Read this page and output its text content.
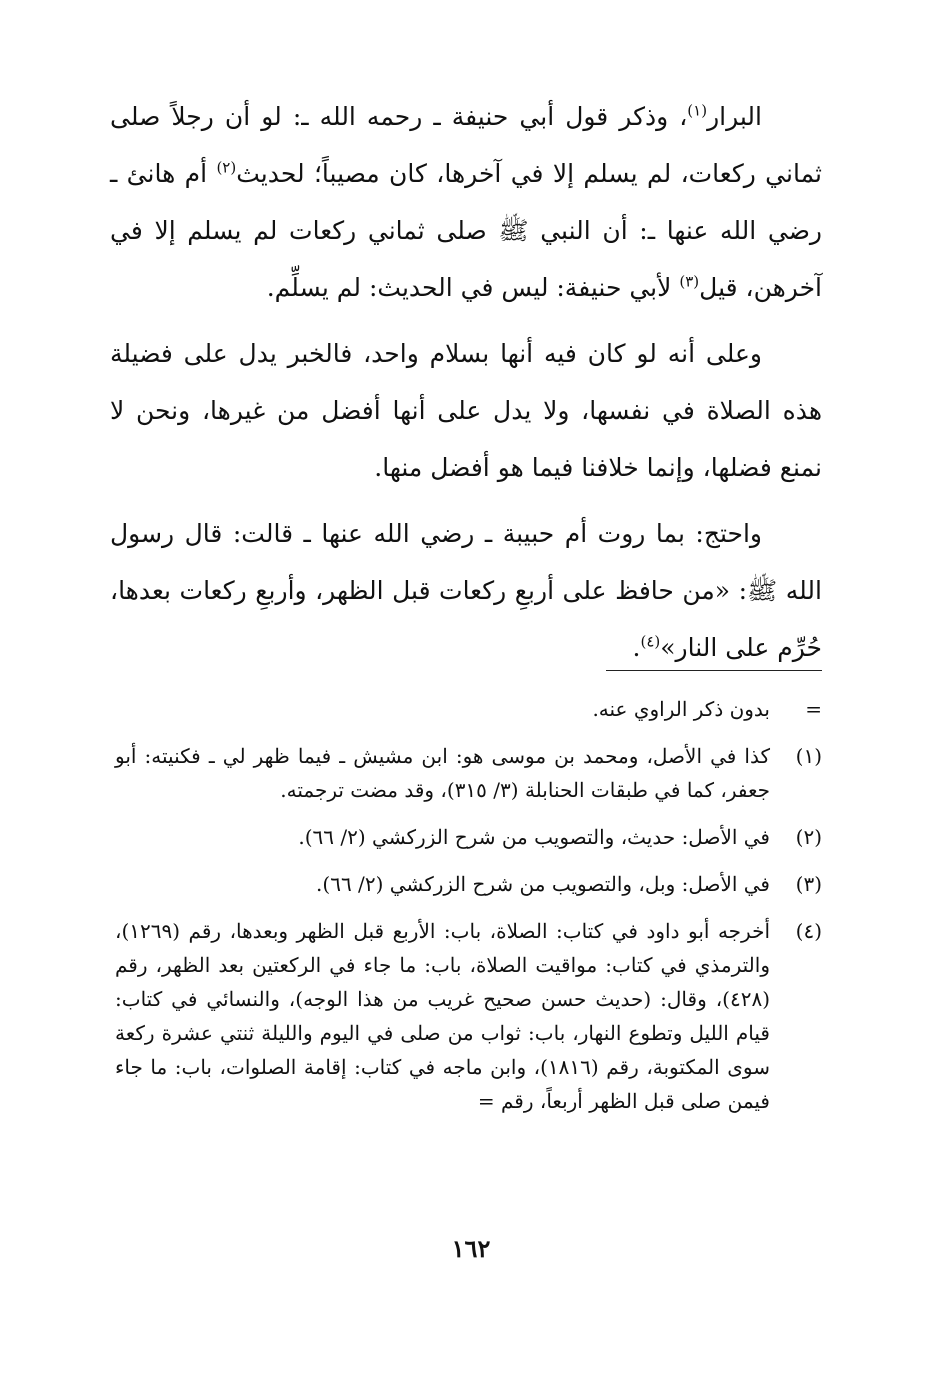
البرار$^{(١)}$، وذكر قول أبي حنيفة ـ رحمه الله ـ: لو أن رجلاً صلى ثماني ركعات، لم يسلم إلا في آخرها، كان مصيباً؛ لحديث$^{(٢)}$ أم هانئ ـ رضي الله عنها ـ: أن النبي ﷺ صلى ثماني ركعات لم يسلم إلا في آخرهن، قيل$^{(٣)}$ لأبي حنيفة: ليس في الحديث: لم يسلِّم.

وعلى أنه لو كان فيه أنها بسلام واحد، فالخبر يدل على فضيلة هذه الصلاة في نفسها، ولا يدل على أنها أفضل من غيرها، ونحن لا نمنع فضلها، وإنما خلافنا فيما هو أفضل منها.

واحتج: بما روت أم حبيبة ـ رضي الله عنها ـ قالت: قال رسول الله ﷺ: «من حافظ على أربعِ ركعات قبل الظهر، وأربعِ ركعات بعدها، حُرِّم على النار»$^{(٤)}$.

=
بدون ذكر الراوي عنه.
(١)
كذا في الأصل، ومحمد بن موسى هو: ابن مشيش ـ فيما ظهر لي ـ فكنيته: أبو جعفر، كما في طبقات الحنابلة (٣/ ٣١٥)، وقد مضت ترجمته.
(٢)
في الأصل: حديث، والتصويب من شرح الزركشي (٢/ ٦٦).
(٣)
في الأصل: وبل، والتصويب من شرح الزركشي (٢/ ٦٦).
(٤)
أخرجه أبو داود في كتاب: الصلاة، باب: الأربع قبل الظهر وبعدها، رقم (١٢٦٩)، والترمذي في كتاب: مواقيت الصلاة، باب: ما جاء في الركعتين بعد الظهر، رقم (٤٢٨)، وقال: (حديث حسن صحيح غريب من هذا الوجه)، والنسائي في كتاب: قيام الليل وتطوع النهار، باب: ثواب من صلى في اليوم والليلة ثنتي عشرة ركعة سوى المكتوبة، رقم (١٨١٦)، وابن ماجه في كتاب: إقامة الصلوات، باب: ما جاء فيمن صلى قبل الظهر أربعاً، رقم =
١٦٢
